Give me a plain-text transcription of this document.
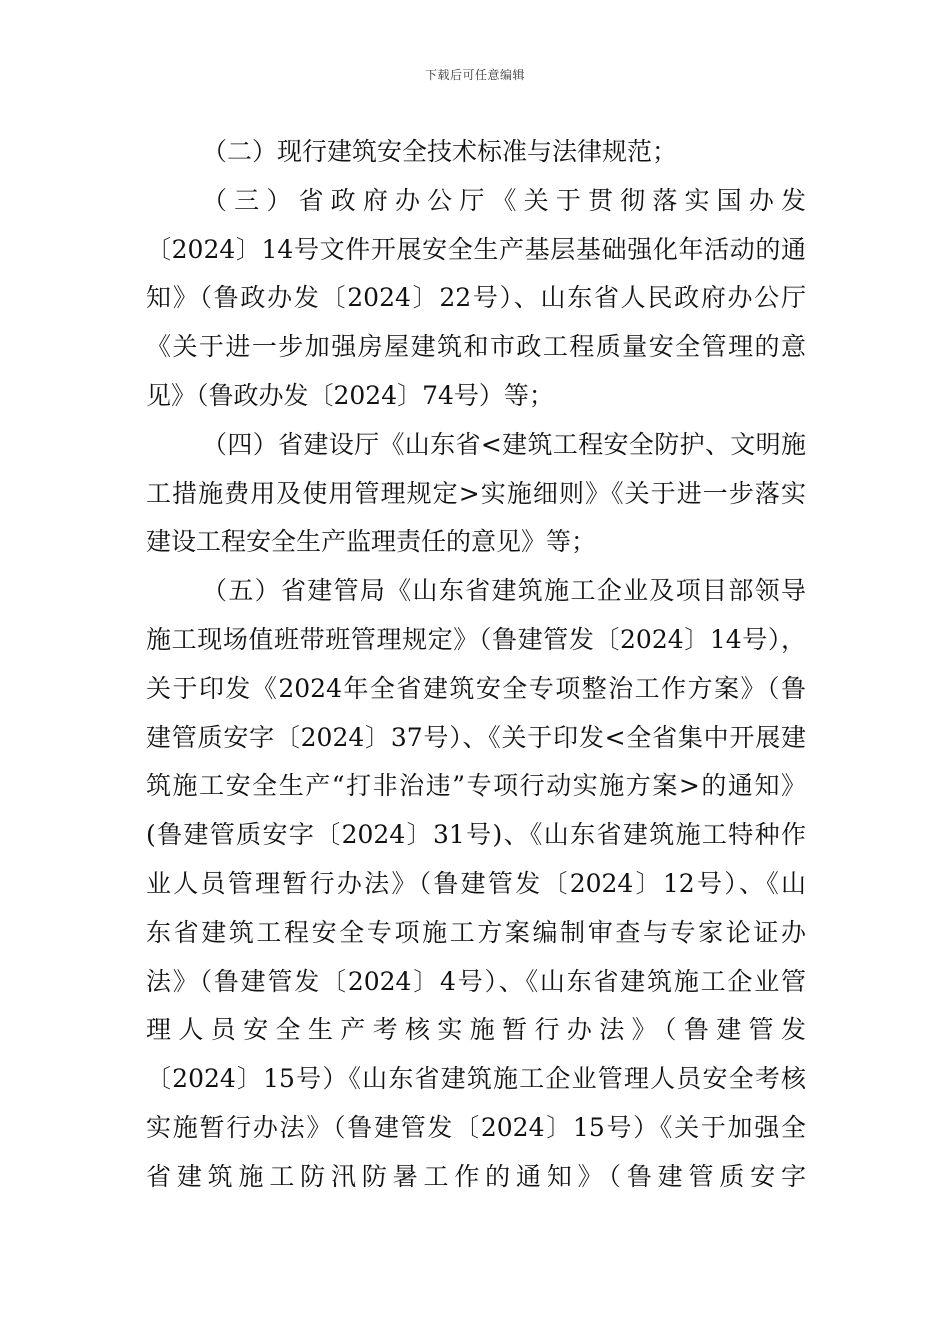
下载后可任意编辑
（二）现行建筑安全技术标准与法律规范；
（三）省政府办公厅《关于贯彻落实国办发
〔2024〕14号文件开展安全生产基层基础强化年活动的通
知》（鲁政办发〔2024〕22号）、山东省人民政府办公厅
《关于进一步加强房屋建筑和市政工程质量安全管理的意
见》（鲁政办发〔2024〕74号）等；
（四）省建设厅《山东省<建筑工程安全防护、文明施
工措施费用及使用管理规定>实施细则》《关于进一步落实
建设工程安全生产监理责任的意见》等；
（五）省建管局《山东省建筑施工企业及项目部领导
施工现场值班带班管理规定》（鲁建管发〔2024〕14号），
关于印发《2024年全省建筑安全专项整治工作方案》（鲁
建管质安字〔2024〕37号）、《关于印发<全省集中开展建
筑施工安全生产“打非治违”专项行动实施方案>的通知》
(鲁建管质安字〔2024〕31号)、《山东省建筑施工特种作
业人员管理暂行办法》（鲁建管发〔2024〕12号）、《山
东省建筑工程安全专项施工方案编制审查与专家论证办
法》（鲁建管发〔2024〕4号）、《山东省建筑施工企业管
理人员安全生产考核实施暂行办法》（鲁建管发
〔2024〕15号）《山东省建筑施工企业管理人员安全考核
实施暂行办法》（鲁建管发〔2024〕15号）《关于加强全
省建筑施工防汛防暑工作的通知》（鲁建管质安字
